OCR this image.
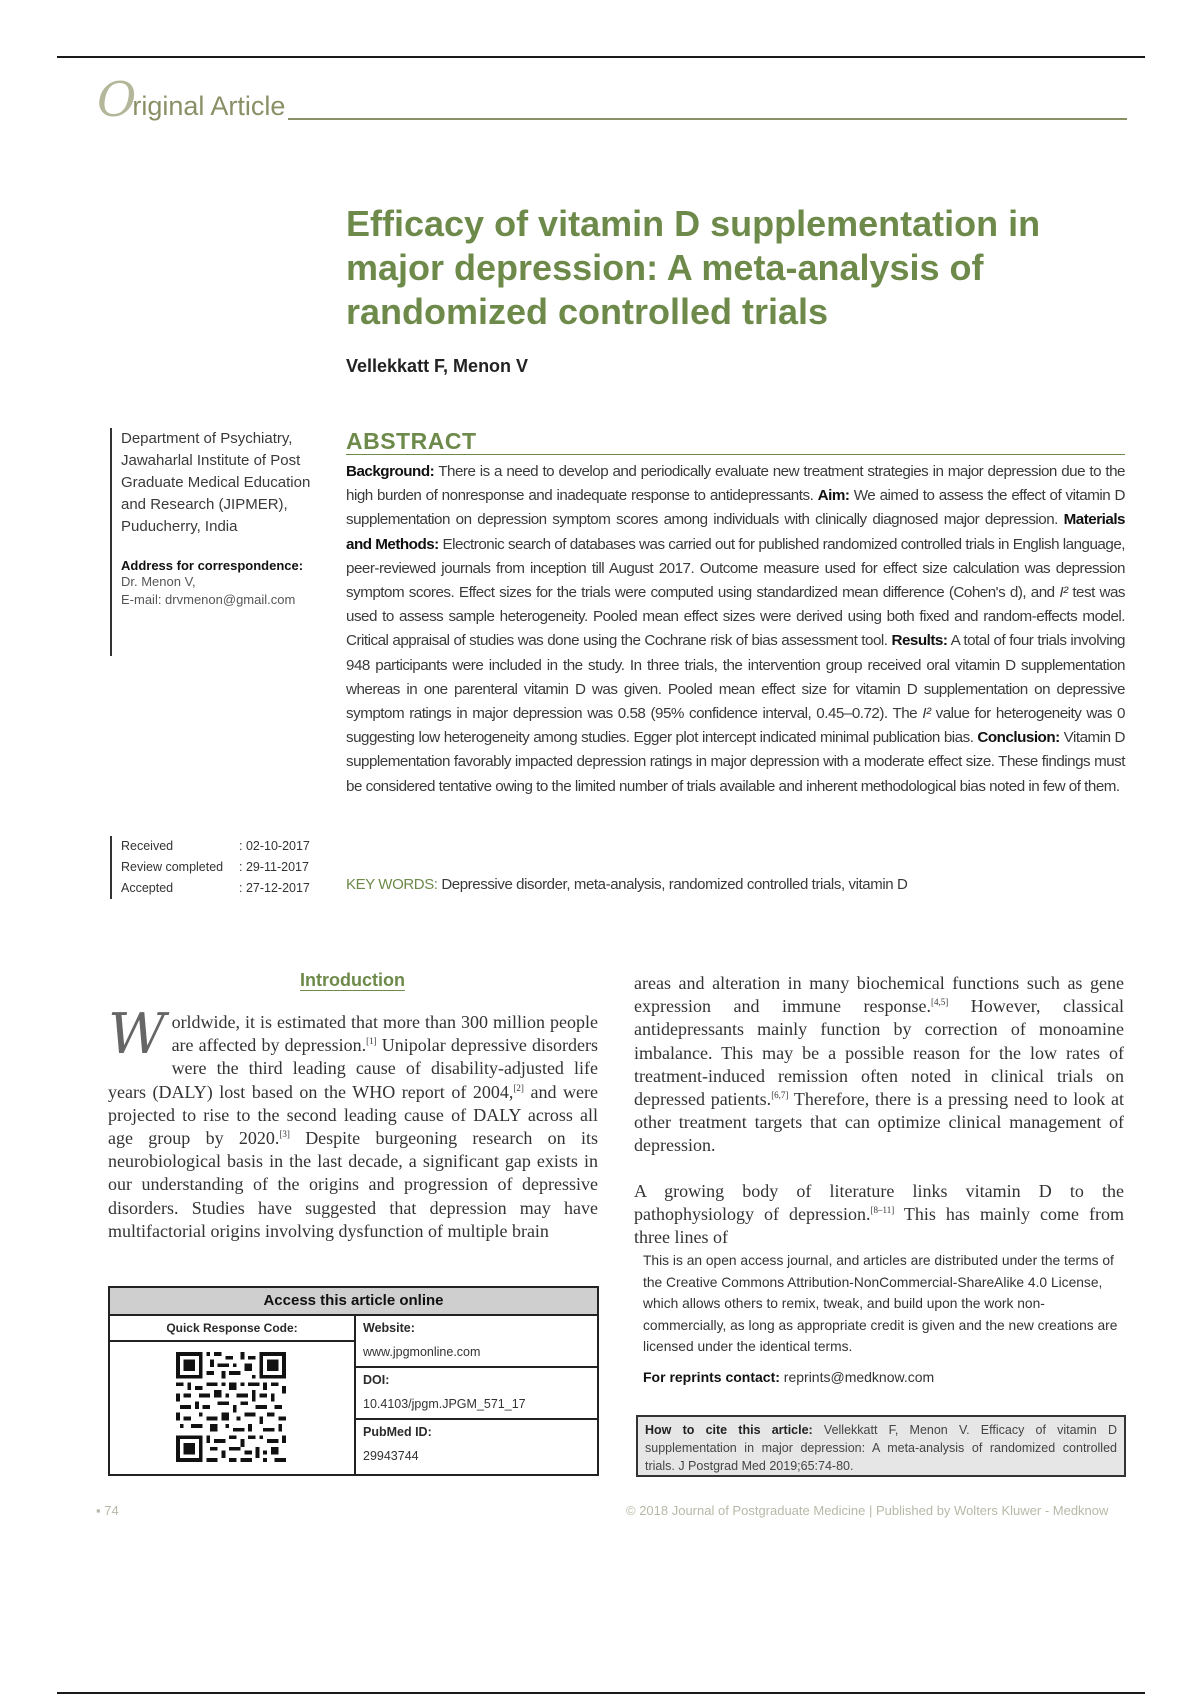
O
riginal Article
Efficacy of vitamin D supplementation in major depression: A meta-analysis of randomized controlled trials
Vellekkatt F, Menon V
Department of Psychiatry, Jawaharlal Institute of Post Graduate Medical Education and Research (JIPMER), Puducherry, India
Address for correspondence:
Dr. Menon V,
E-mail: drvmenon@gmail.com
Received	: 02-10-2017
Review completed	: 29-11-2017
Accepted	: 27-12-2017
ABSTRACT
Background: There is a need to develop and periodically evaluate new treatment strategies in major depression due to the high burden of nonresponse and inadequate response to antidepressants. Aim: We aimed to assess the effect of vitamin D supplementation on depression symptom scores among individuals with clinically diagnosed major depression. Materials and Methods: Electronic search of databases was carried out for published randomized controlled trials in English language, peer-reviewed journals from inception till August 2017. Outcome measure used for effect size calculation was depression symptom scores. Effect sizes for the trials were computed using standardized mean difference (Cohen's d), and I² test was used to assess sample heterogeneity. Pooled mean effect sizes were derived using both fixed and random-effects model. Critical appraisal of studies was done using the Cochrane risk of bias assessment tool. Results: A total of four trials involving 948 participants were included in the study. In three trials, the intervention group received oral vitamin D supplementation whereas in one parenteral vitamin D was given. Pooled mean effect size for vitamin D supplementation on depressive symptom ratings in major depression was 0.58 (95% confidence interval, 0.45–0.72). The I² value for heterogeneity was 0 suggesting low heterogeneity among studies. Egger plot intercept indicated minimal publication bias. Conclusion: Vitamin D supplementation favorably impacted depression ratings in major depression with a moderate effect size. These findings must be considered tentative owing to the limited number of trials available and inherent methodological bias noted in few of them.
KEY WORDS: Depressive disorder, meta-analysis, randomized controlled trials, vitamin D
Introduction
W orldwide, it is estimated that more than 300 million people are affected by depression.[1] Unipolar depressive disorders were the third leading cause of disability-adjusted life years (DALY) lost based on the WHO report of 2004,[2] and were projected to rise to the second leading cause of DALY across all age group by 2020.[3] Despite burgeoning research on its neurobiological basis in the last decade, a significant gap exists in our understanding of the origins and progression of depressive disorders. Studies have suggested that depression may have multifactorial origins involving dysfunction of multiple brain

areas and alteration in many biochemical functions such as gene expression and immune response.[4,5] However, classical antidepressants mainly function by correction of monoamine imbalance. This may be a possible reason for the low rates of treatment-induced remission often noted in clinical trials on depressed patients.[6,7] Therefore, there is a pressing need to look at other treatment targets that can optimize clinical management of depression.

A growing body of literature links vitamin D to the pathophysiology of depression.[8–11] This has mainly come from three lines of

Access this article online
Quick Response Code:	Website:
www.jpgmonline.com
DOI:
10.4103/jpgm.JPGM_571_17
PubMed ID:
29943744
This is an open access journal, and articles are distributed under the terms of the Creative Commons Attribution-NonCommercial-ShareAlike 4.0 License, which allows others to remix, tweak, and build upon the work non-commercially, as long as appropriate credit is given and the new creations are licensed under the identical terms.
For reprints contact: reprints@medknow.com
How to cite this article: Vellekkatt F, Menon V. Efficacy of vitamin D supplementation in major depression: A meta-analysis of randomized controlled trials. J Postgrad Med 2019;65:74-80.
▪ 74	© 2018 Journal of Postgraduate Medicine | Published by Wolters Kluwer - Medknow
